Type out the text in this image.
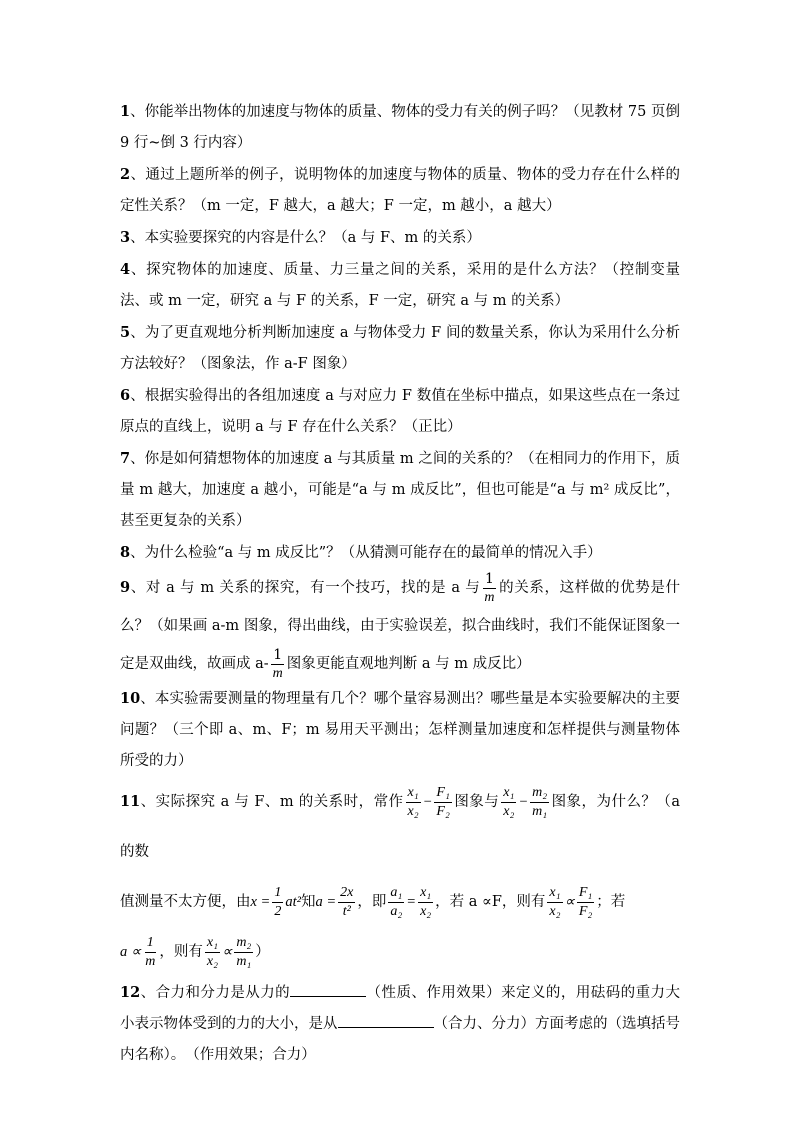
1、你能举出物体的加速度与物体的质量、物体的受力有关的例子吗？（见教材 75 页倒 9 行~倒 3 行内容）

2、通过上题所举的例子，说明物体的加速度与物体的质量、物体的受力存在什么样的定性关系？（m 一定，F 越大，a 越大；F 一定，m 越小，a 越大）

3、本实验要探究的内容是什么？（a 与 F、m 的关系）

4、探究物体的加速度、质量、力三量之间的关系，采用的是什么方法？（控制变量法、或 m 一定，研究 a 与 F 的关系，F 一定，研究 a 与 m 的关系）

5、为了更直观地分析判断加速度 a 与物体受力 F 间的数量关系，你认为采用什么分析方法较好？（图象法，作 a-F 图象）

6、根据实验得出的各组加速度 a 与对应力 F 数值在坐标中描点，如果这些点在一条过原点的直线上，说明 a 与 F 存在什么关系？（正比）

7、你是如何猜想物体的加速度 a 与其质量 m 之间的关系的？（在相同力的作用下，质量 m 越大，加速度 a 越小，可能是“a 与 m 成反比”，但也可能是“a 与 m² 成反比”，甚至更复杂的关系）

8、为什么检验“a 与 m 成反比”？（从猜测可能存在的最简单的情况入手）

9、对 a 与 m 关系的探究，有一个技巧，找的是 a 与 $\frac{1}{m}$ 的关系，这样做的优势是什么？（如果画 a-m 图象，得出曲线，由于实验误差，拟合曲线时，我们不能保证图象一定是双曲线，故画成 $a- \frac{1}{m}$ 图象更能直观地判断 a 与 m 成反比）

10、本实验需要测量的物理量有几个？哪个量容易测出？哪些量是本实验要解决的主要问题？（三个即 a、m、F；m 易用天平测出；怎样测量加速度和怎样提供与测量物体所受的力）

11、实际探究 a 与 F、m 的关系时，常作 $\frac{\text{x₁}}{\text{x₂}} - \frac{\text{F₁}}{\text{F₂}}$ 图象与 $\frac{\text{x₁}}{\text{x₂}} - \frac{\text{m₂}}{\text{m₁}}$ 图象，为什么？（a 的数
值测量不太方便，由$x = \frac{1}{2} at^2$知$a = \frac{2x}{\text{t²}}$ ，即 $\frac{\text{a₁}}{\text{a₂}} = \frac{\text{x₁}}{\text{x₂}}$ ，若 a ∝F，则有 $\frac{\text{x₁}}{\text{x₂}} \propto \frac{\text{F₁}}{\text{F₂}}$ ；若
$a \propto \frac{1}{m}$ ，则有 $\frac{\text{x₁}}{\text{x₂}} \propto \frac{\text{m₂}}{\text{m₁}}$ ）

12、合力和分力是从力的	（性质、作用效果）来定义的，用砝码的重力大小表示物体受到的力的大小，是从	（合力、分力）方面考虑的（选填括号内名称）。　（作用效果；合力）
